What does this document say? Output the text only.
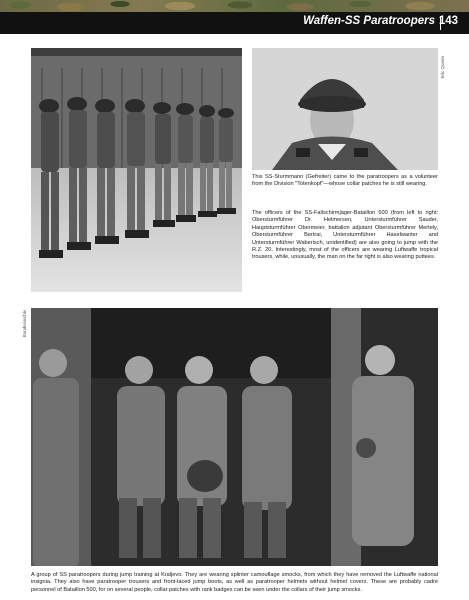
Waffen-SS Paratroopers 143
Eric Queen
This SS-Sturmmann (Gefreiter) came to the paratroopers as a volunteer from the Division "Totenkopf"—whose collar patches he is still wearing.
The officers of the SS-Fallschirmjäger-Bataillon 500 (from left to right: Obersturmführer Dr. Helmersen, Untersturmführer Sauder, Hauptsturmführer Obermeier, battalion adjutant Obersturmführer Mertely, Obersturmführer Bertrai, Untersturmführer Haselwanter and Untersturmführer Waberisch, unidentified) are also going to jump with the R.Z. 20. Interestingly, most of the officers are wearing Luftwaffe tropical trousers, while, unusually, the man on the far right is also wearing puttees.
Bundesarchiv
A group of SS paratroopers during jump training at Kraljevo. They are wearing splinter camouflage smocks, from which they have removed the Luftwaffe national insignia. They also have paratrooper trousers and front-laced jump boots, as well as paratrooper helmets without helmet covers. These are probably cadre personnel of Bataillon 500, for on several people, collar patches with rank badges can be seen under the collars of their jump smocks.
